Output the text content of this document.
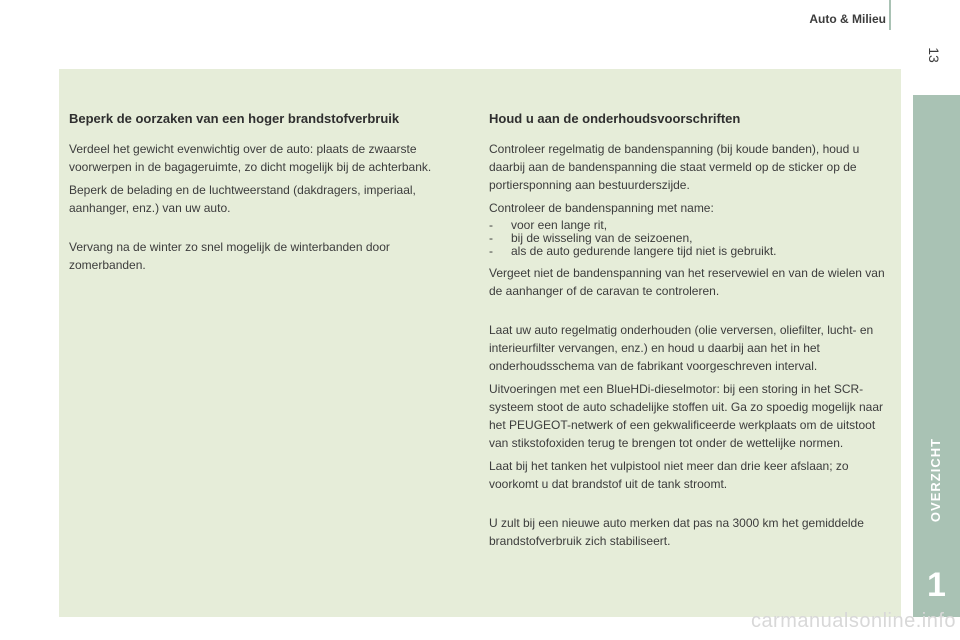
Auto & Milieu
13
OVERZICHT
1
Beperk de oorzaken van een hoger brandstofverbruik

Verdeel het gewicht evenwichtig over de auto: plaats de zwaarste voorwerpen in de bagageruimte, zo dicht mogelijk bij de achterbank.

Beperk de belading en de luchtweerstand (dakdragers, imperiaal, aanhanger, enz.) van uw auto.

Vervang na de winter zo snel mogelijk de winterbanden door zomerbanden.

Houd u aan de onderhoudsvoorschriften

Controleer regelmatig de bandenspanning (bij koude banden), houd u daarbij aan de bandenspanning die staat vermeld op de sticker op de portiersponning aan bestuurderszijde.

Controleer de bandenspanning met name:

- voor een lange rit,
- bij de wisseling van de seizoenen,
- als de auto gedurende langere tijd niet is gebruikt.

Vergeet niet de bandenspanning van het reservewiel en van de wielen van de aanhanger of de caravan te controleren.

Laat uw auto regelmatig onderhouden (olie verversen, oliefilter, lucht- en interieurfilter vervangen, enz.) en houd u daarbij aan het in het onderhoudsschema van de fabrikant voorgeschreven interval.

Uitvoeringen met een BlueHDi-dieselmotor: bij een storing in het SCR-systeem stoot de auto schadelijke stoffen uit. Ga zo spoedig mogelijk naar het PEUGEOT-netwerk of een gekwalificeerde werkplaats om de uitstoot van stikstofoxiden terug te brengen tot onder de wettelijke normen.

Laat bij het tanken het vulpistool niet meer dan drie keer afslaan; zo voorkomt u dat brandstof uit de tank stroomt.

U zult bij een nieuwe auto merken dat pas na 3000 km het gemiddelde brandstofverbruik zich stabiliseert.

carmanualsonline.info
